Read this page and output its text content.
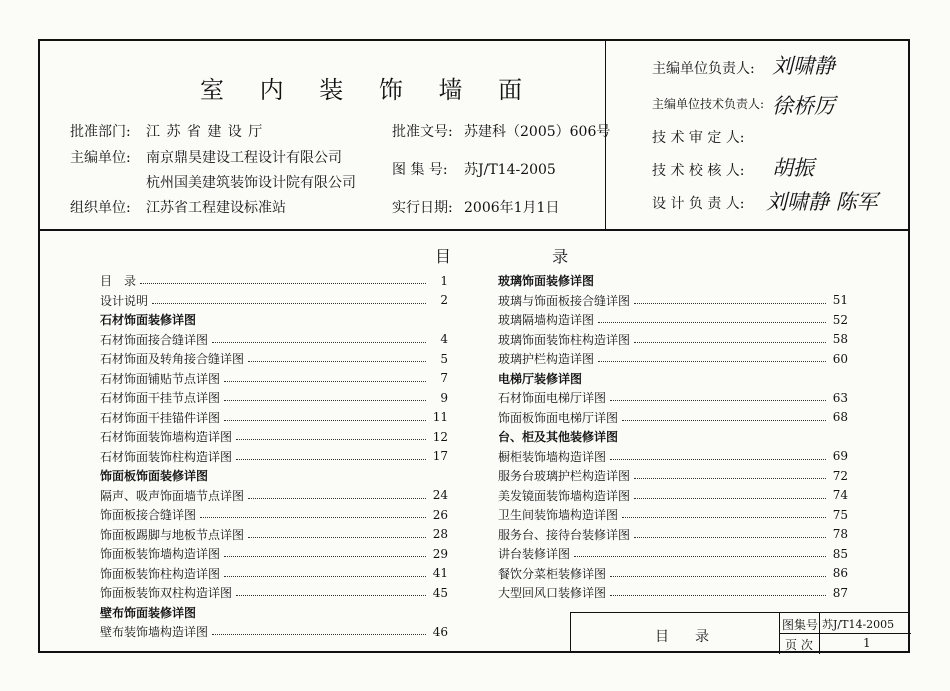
室 内 装 饰 墙 面
批准部门: 江 苏 省 建 设 厅
主编单位: 南京鼎昊建设工程设计有限公司
杭州国美建筑装饰设计院有限公司
组织单位: 江苏省工程建设标准站
批准文号: 苏建科（2005）606号
图 集 号: 苏J/T14-2005
实行日期: 2006年1月1日
主编单位负责人: 刘啸静
主编单位技术负责人: 徐桥厉
技 术 审 定 人:
技 术 校 核 人: 胡振
设 计 负 责 人: 刘啸静 陈军
目 录
目　录	1
设计说明	2
石材饰面装修详图
石材饰面接合缝详图	4
石材饰面及转角接合缝详图	5
石材饰面铺贴节点详图	7
石材饰面干挂节点详图	9
石材饰面干挂锚件详图	11
石材饰面装饰墙构造详图	12
石材饰面装饰柱构造详图	17
饰面板饰面装修详图
隔声、吸声饰面墙节点详图	24
饰面板接合缝详图	26
饰面板踢脚与地板节点详图	28
饰面板装饰墙构造详图	29
饰面板装饰柱构造详图	41
饰面板装饰双柱构造详图	45
壁布饰面装修详图
壁布装饰墙构造详图	46
玻璃饰面装修详图
玻璃与饰面板接合缝详图	51
玻璃隔墙构造详图	52
玻璃饰面装饰柱构造详图	58
玻璃护栏构造详图	60
电梯厅装修详图
石材饰面电梯厅详图	63
饰面板饰面电梯厅详图	68
台、柜及其他装修详图
橱柜装饰墙构造详图	69
服务台玻璃护栏构造详图	72
美发镜面装饰墙构造详图	74
卫生间装饰墙构造详图	75
服务台、接待台装修详图	78
讲台装修详图	85
餐饮分菜柜装修详图	86
大型回风口装修详图	87
目　录
图集号 苏J/T14-2005
页 次	1
